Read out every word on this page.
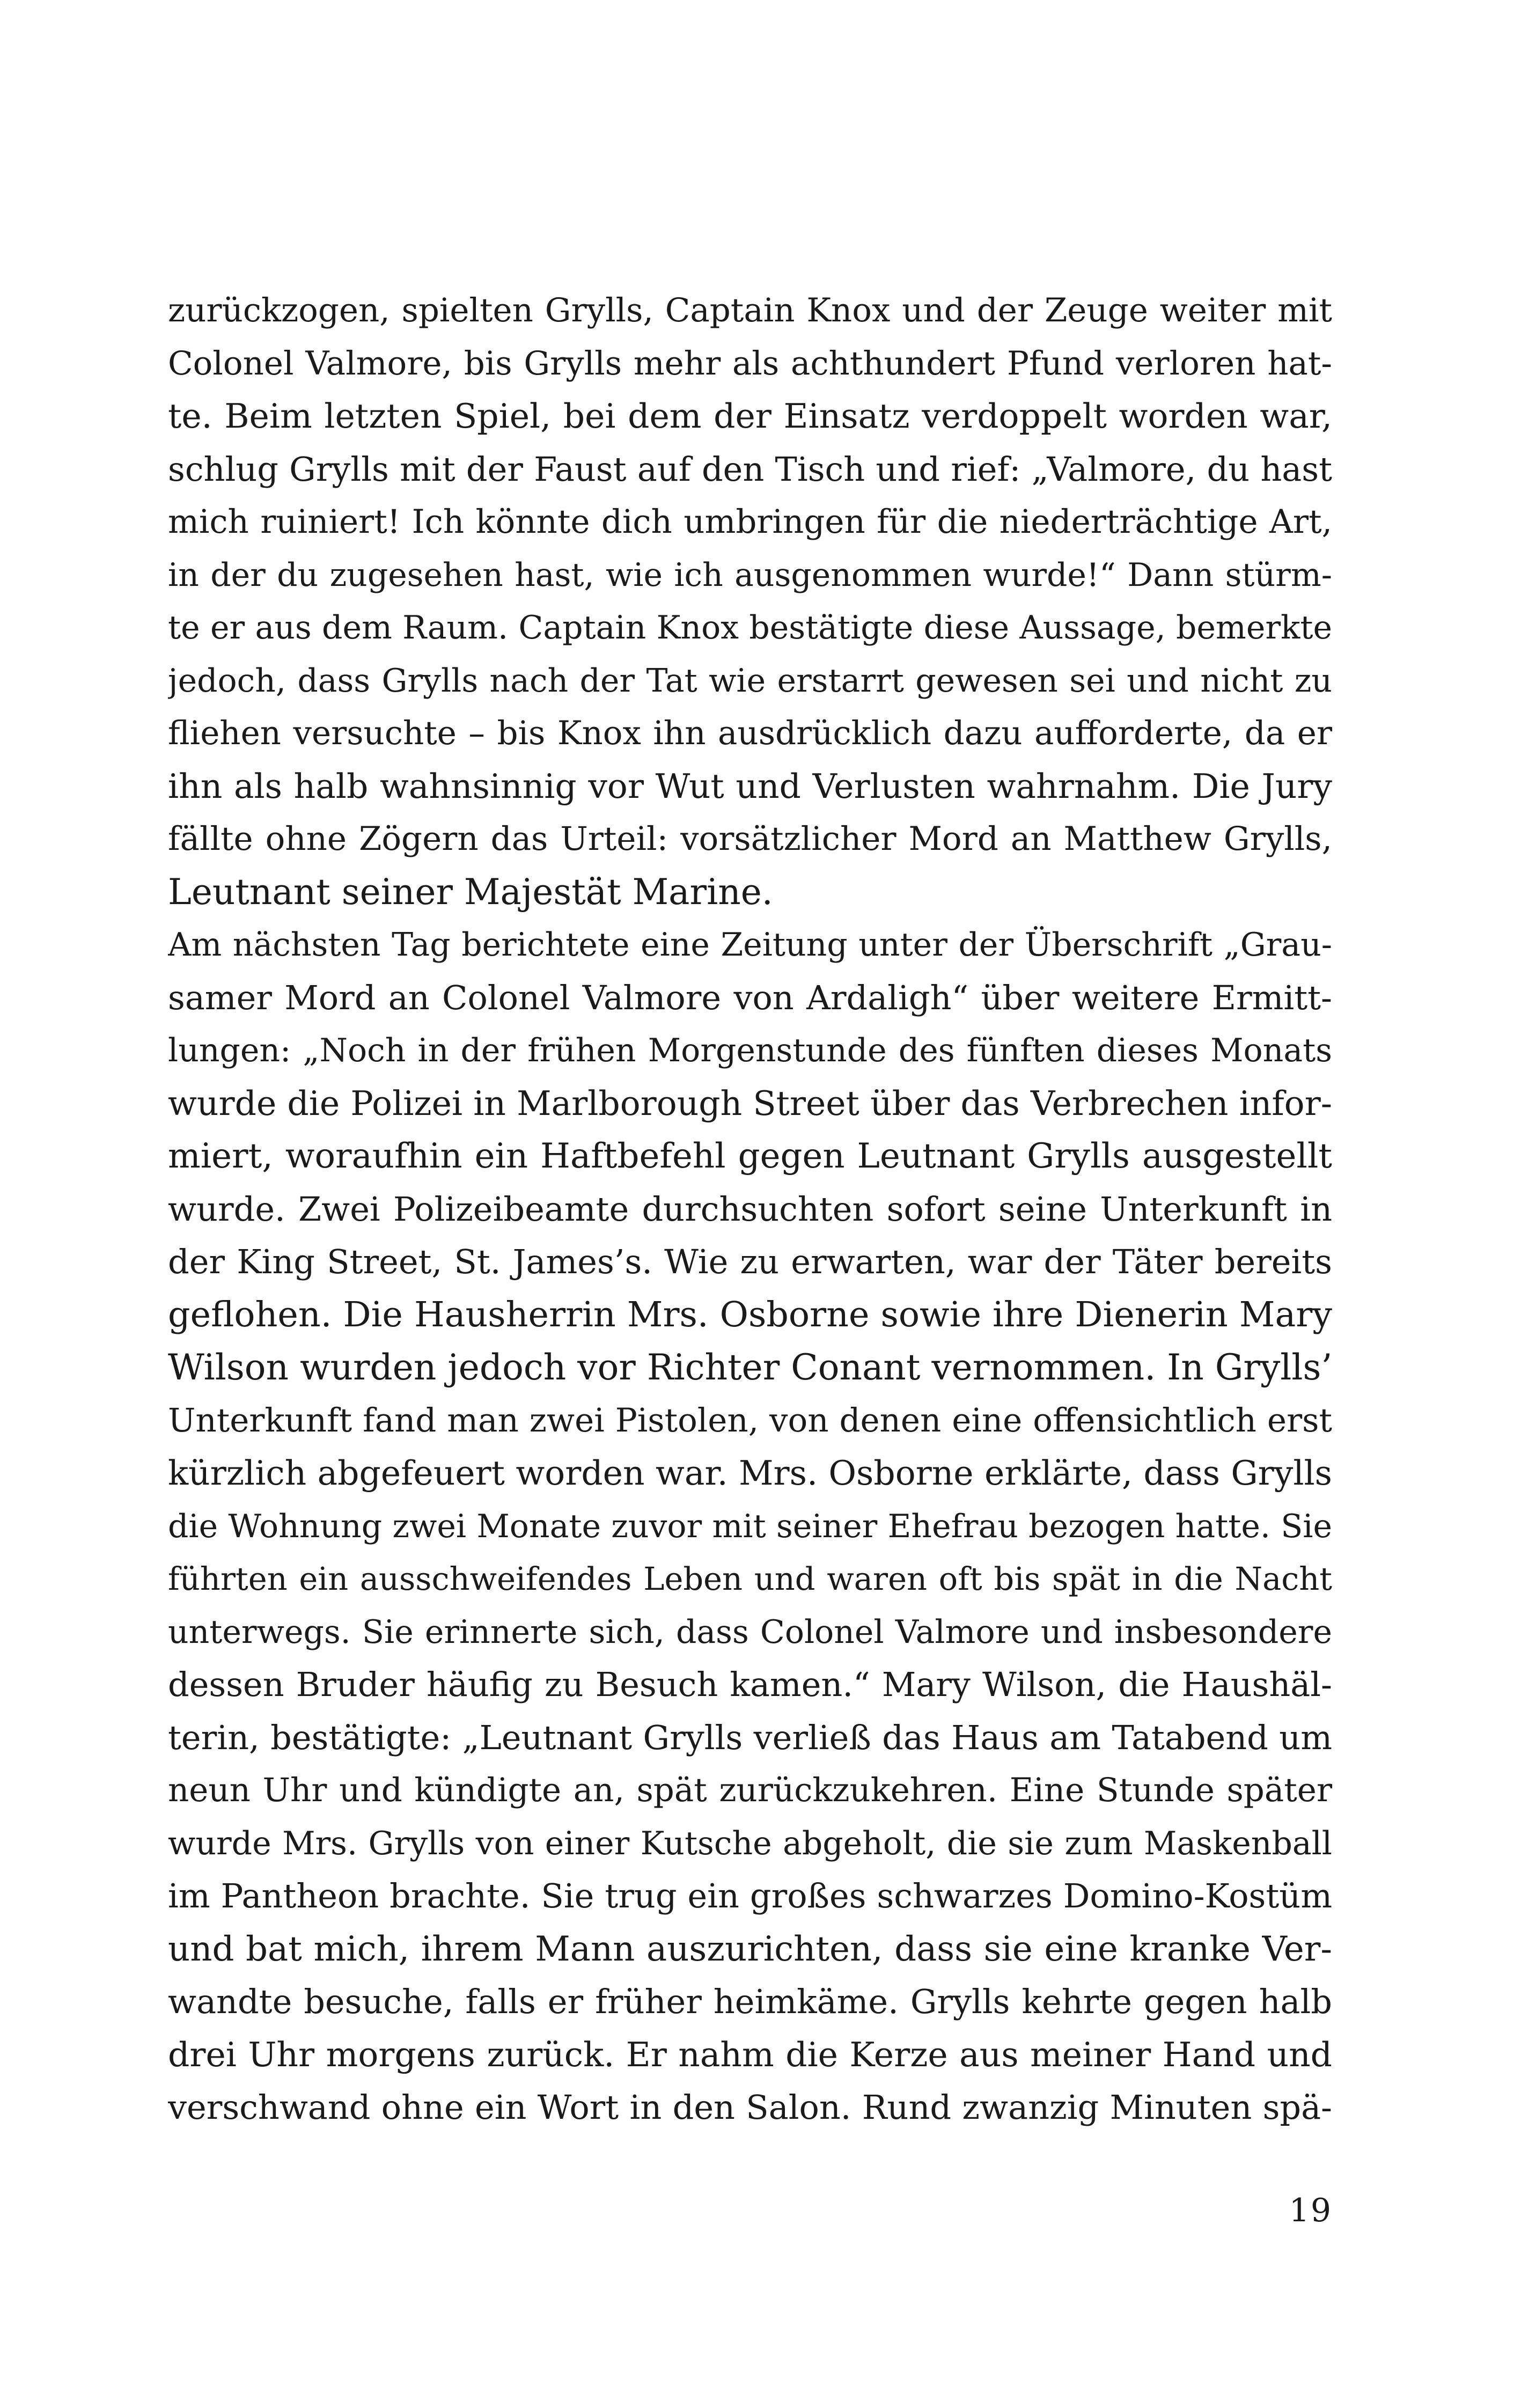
zurückzogen, spielten Grylls, Captain Knox und der Zeuge weiter mit
Colonel Valmore, bis Grylls mehr als achthundert Pfund verloren hat-
te. Beim letzten Spiel, bei dem der Einsatz verdoppelt worden war,
schlug Grylls mit der Faust auf den Tisch und rief: „Valmore, du hast
mich ruiniert! Ich könnte dich umbringen für die niederträchtige Art,
in der du zugesehen hast, wie ich ausgenommen wurde!“ Dann stürm-
te er aus dem Raum. Captain Knox bestätigte diese Aussage, bemerkte
jedoch, dass Grylls nach der Tat wie erstarrt gewesen sei und nicht zu
fliehen versuchte – bis Knox ihn ausdrücklich dazu aufforderte, da er
ihn als halb wahnsinnig vor Wut und Verlusten wahrnahm. Die Jury
fällte ohne Zögern das Urteil: vorsätzlicher Mord an Matthew Grylls,
Leutnant seiner Majestät Marine.
Am nächsten Tag berichtete eine Zeitung unter der Überschrift „Grau-
samer Mord an Colonel Valmore von Ardaligh“ über weitere Ermitt-
lungen: „Noch in der frühen Morgenstunde des fünften dieses Monats
wurde die Polizei in Marlborough Street über das Verbrechen infor-
miert, woraufhin ein Haftbefehl gegen Leutnant Grylls ausgestellt
wurde. Zwei Polizeibeamte durchsuchten sofort seine Unterkunft in
der King Street, St. James’s. Wie zu erwarten, war der Täter bereits
geflohen. Die Hausherrin Mrs. Osborne sowie ihre Dienerin Mary
Wilson wurden jedoch vor Richter Conant vernommen. In Grylls’
Unterkunft fand man zwei Pistolen, von denen eine offensichtlich erst
kürzlich abgefeuert worden war. Mrs. Osborne erklärte, dass Grylls
die Wohnung zwei Monate zuvor mit seiner Ehefrau bezogen hatte. Sie
führten ein ausschweifendes Leben und waren oft bis spät in die Nacht
unterwegs. Sie erinnerte sich, dass Colonel Valmore und insbesondere
dessen Bruder häufig zu Besuch kamen.“ Mary Wilson, die Haushäl-
terin, bestätigte: „Leutnant Grylls verließ das Haus am Tatabend um
neun Uhr und kündigte an, spät zurückzukehren. Eine Stunde später
wurde Mrs. Grylls von einer Kutsche abgeholt, die sie zum Maskenball
im Pantheon brachte. Sie trug ein großes schwarzes Domino-Kostüm
und bat mich, ihrem Mann auszurichten, dass sie eine kranke Ver-
wandte besuche, falls er früher heimkäme. Grylls kehrte gegen halb
drei Uhr morgens zurück. Er nahm die Kerze aus meiner Hand und
verschwand ohne ein Wort in den Salon. Rund zwanzig Minuten spä-
19
